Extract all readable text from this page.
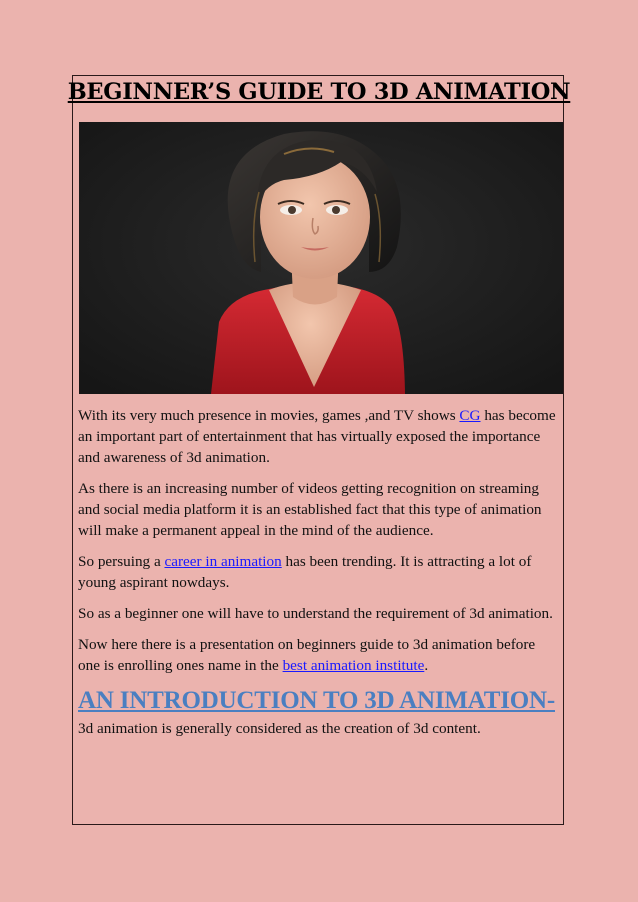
BEGINNER’S GUIDE TO 3D ANIMATION

With its very much presence in movies, games ,and TV shows CG has become an important part of entertainment that has virtually exposed the importance and awareness of 3d animation.

As there is an increasing number of videos getting recognition on streaming and social media platform it is an established fact that this type of animation will make a permanent appeal in the mind of the audience.

So persuing a career in animation has been trending. It is attracting a lot of young aspirant nowdays.

So as a beginner one will have to understand the requirement of 3d animation.

Now here there is a presentation on beginners guide to 3d animation before one is enrolling ones name in the best animation institute.

AN INTRODUCTION TO 3D ANIMATION-

3d animation is generally considered as the creation of 3d content.
